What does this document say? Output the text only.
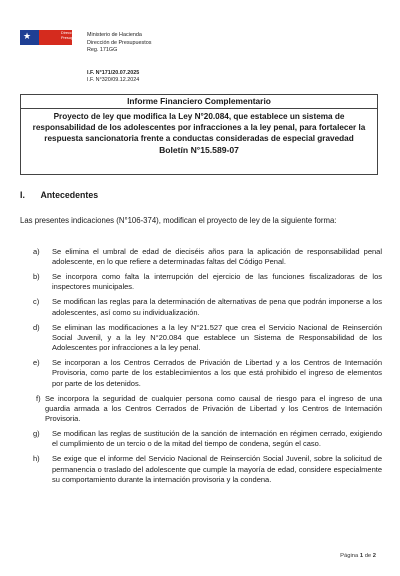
★	Dirección de
Presupuestos Ministerio de Hacienda
Dirección de Presupuestos
Reg. 171GG
I.F. N°171/20.07.2025
I.F. N°320/09.12.2024
Informe Financiero Complementario
Proyecto de ley que modifica la Ley N°20.084, que establece un sistema de responsabilidad de los adolescentes por infracciones a la ley penal, para fortalecer la respuesta sancionatoria frente a conductas consideradas de especial gravedad
Boletín N°15.589-07
I. Antecedentes
Las presentes indicaciones (N°106-374), modifican el proyecto de ley de la siguiente forma:
a)	Se elimina el umbral de edad de dieciséis años para la aplicación de responsabilidad penal adolescente, en lo que refiere a determinadas faltas del Código Penal.
b)	Se incorpora como falta la interrupción del ejercicio de las funciones fiscalizadoras de los inspectores municipales.
c)	Se modifican las reglas para la determinación de alternativas de pena que podrán imponerse a los adolescentes, así como su individualización.
d)	Se eliminan las modificaciones a la ley N°21.527 que crea el Servicio Nacional de Reinserción Social Juvenil, y a la ley N°20.084 que establece un Sistema de Responsabilidad de los Adolescentes por infracciones a la ley penal.
e)	Se incorporan a los Centros Cerrados de Privación de Libertad y a los Centros de Internación Provisoria, como parte de los establecimientos a los que está prohibido el ingreso de elementos por parte de los detenidos.
f) Se incorpora la seguridad de cualquier persona como causal de riesgo para el ingreso de una guardia armada a los Centros Cerrados de Privación de Libertad y los Centros de Internación Provisoria.
g)	Se modifican las reglas de sustitución de la sanción de internación en régimen cerrado, exigiendo el cumplimiento de un tercio o de la mitad del tiempo de condena, según el caso.
h)	Se exige que el informe del Servicio Nacional de Reinserción Social Juvenil, sobre la solicitud de permanencia o traslado del adolescente que cumple la mayoría de edad, considere especialmente su comportamiento durante la internación provisoria y la condena.
Página 1 de 2
